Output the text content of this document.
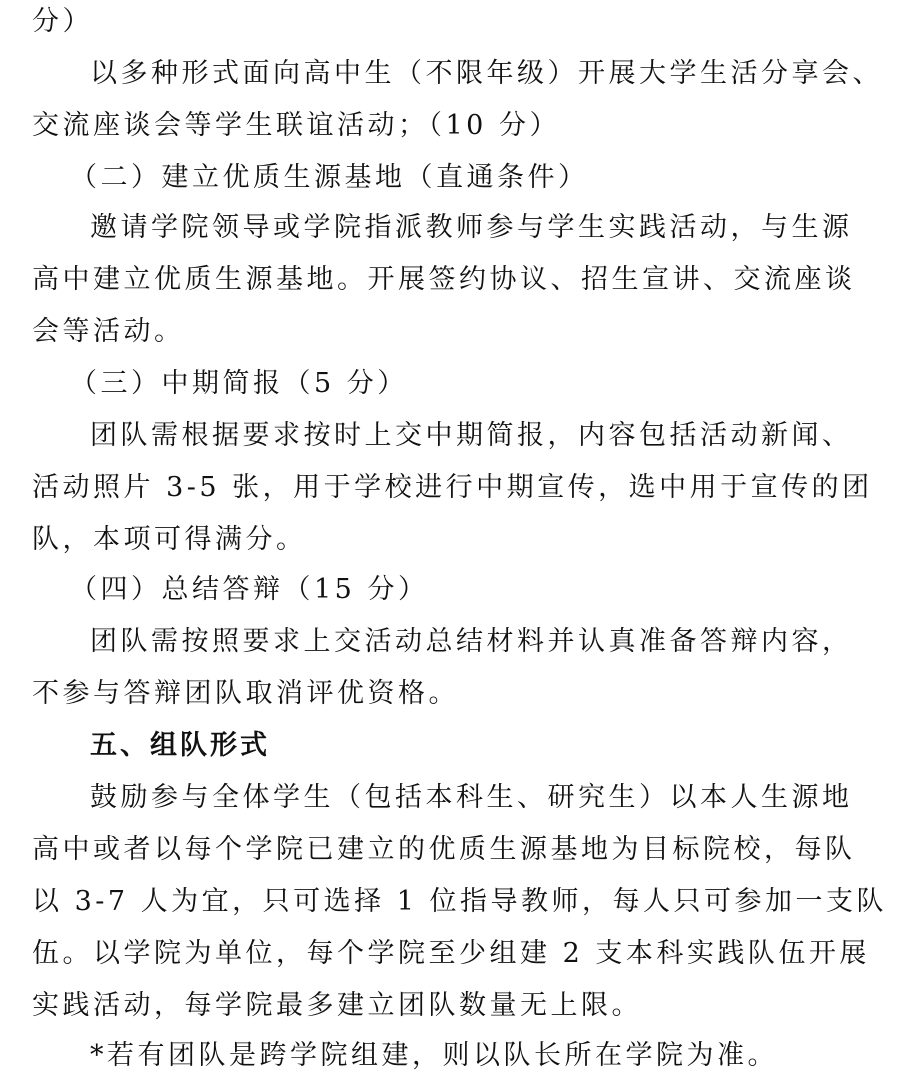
分）
以多种形式面向高中生（不限年级）开展大学生活分享会、
交流座谈会等学生联谊活动；（10 分）
（二）建立优质生源基地（直通条件）
邀请学院领导或学院指派教师参与学生实践活动，与生源
高中建立优质生源基地。开展签约协议、招生宣讲、交流座谈
会等活动。
（三）中期简报（5 分）
团队需根据要求按时上交中期简报，内容包括活动新闻、
活动照片 3-5 张，用于学校进行中期宣传，选中用于宣传的团
队，本项可得满分。
（四）总结答辩（15 分）
团队需按照要求上交活动总结材料并认真准备答辩内容，
不参与答辩团队取消评优资格。
五、组队形式
鼓励参与全体学生（包括本科生、研究生）以本人生源地
高中或者以每个学院已建立的优质生源基地为目标院校，每队
以 3-7 人为宜，只可选择 1 位指导教师，每人只可参加一支队
伍。以学院为单位，每个学院至少组建 2 支本科实践队伍开展
实践活动，每学院最多建立团队数量无上限。
*若有团队是跨学院组建，则以队长所在学院为准。
